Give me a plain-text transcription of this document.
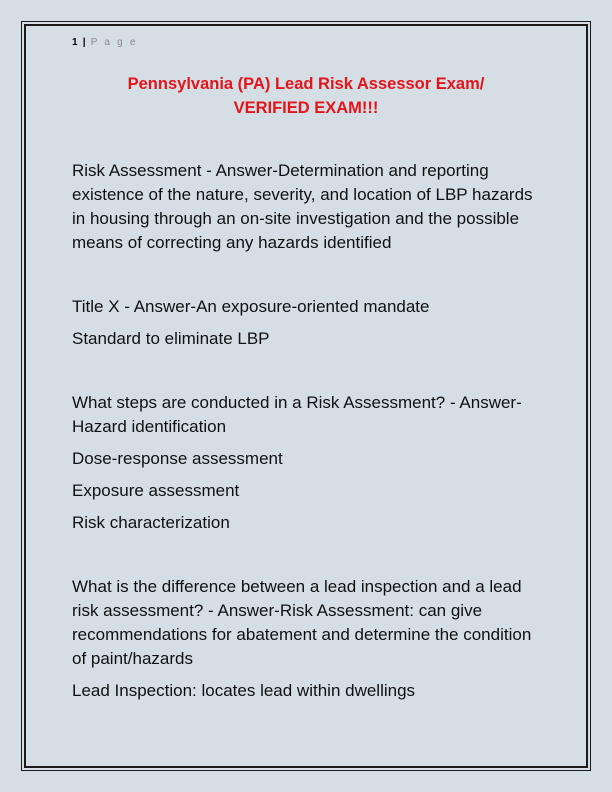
1 | P a g e
Pennsylvania (PA) Lead Risk Assessor Exam/
VERIFIED EXAM!!!

Risk Assessment - Answer-Determination and reporting existence of the nature, severity, and location of LBP hazards in housing through an on-site investigation and the possible means of correcting any hazards identified

Title X - Answer-An exposure-oriented mandate

Standard to eliminate LBP

What steps are conducted in a Risk Assessment? - Answer-Hazard identification

Dose-response assessment

Exposure assessment

Risk characterization

What is the difference between a lead inspection and a lead risk assessment? - Answer-Risk Assessment: can give recommendations for abatement and determine the condition of paint/hazards

Lead Inspection: locates lead within dwellings
